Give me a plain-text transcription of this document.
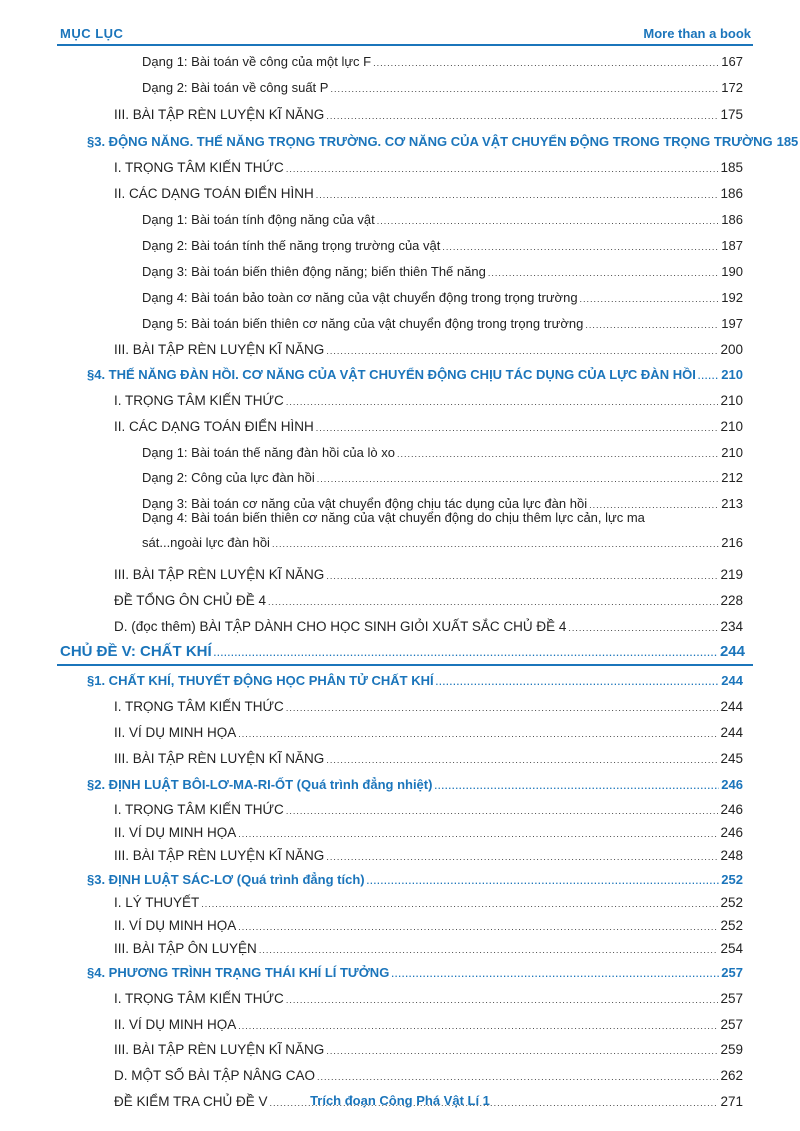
MỤC LỤC	More than a book
Dạng 1: Bài toán về công của một lực F .....	167
Dạng 2: Bài toán về công suất P .....	172
III. BÀI TẬP RÈN LUYỆN KĨ NĂNG .....	175
§3. ĐỘNG NĂNG. THẾ NĂNG TRỌNG TRƯỜNG. CƠ NĂNG CỦA VẬT CHUYỂN ĐỘNG TRONG TRỌNG TRƯỜNG 185
I. TRỌNG TÂM KIẾN THỨC .....	185
II. CÁC DẠNG TOÁN ĐIỂN HÌNH .....	186
Dạng 1: Bài toán tính động năng của vật .....	186
Dạng 2: Bài toán tính thế năng trọng trường của vật .....	187
Dạng 3: Bài toán biến thiên động năng; biến thiên Thế năng .....	190
Dạng 4: Bài toán bảo toàn cơ năng của vật chuyển động trong trọng trường .....	192
Dạng 5: Bài toán biến thiên cơ năng của vật chuyển động trong trọng trường .....	197
III. BÀI TẬP RÈN LUYỆN KĨ NĂNG .....	200
§4. THẾ NĂNG ĐÀN HỒI. CƠ NĂNG CỦA VẬT CHUYỂN ĐỘNG CHỊU TÁC DỤNG CỦA LỰC ĐÀN HỒI ..... 210
I. TRỌNG TÂM KIẾN THỨC .....	210
II. CÁC DẠNG TOÁN ĐIỂN HÌNH .....	210
Dạng 1: Bài toán thế năng đàn hồi của lò xo .....	210
Dạng 2: Công của lực đàn hồi .....	212
Dạng 3: Bài toán cơ năng của vật chuyển động chịu tác dụng của lực đàn hồi .....	213
Dạng 4: Bài toán biến thiên cơ năng của vật chuyển động do chịu thêm lực cản, lực ma
sát...ngoài lực đàn hồi .....	216
III. BÀI TẬP RÈN LUYỆN KĨ NĂNG .....	219
ĐỀ TỔNG ÔN CHỦ ĐỀ 4 .....	228
D. (đọc thêm) BÀI TẬP DÀNH CHO HỌC SINH GIỎI XUẤT SẮC CHỦ ĐỀ 4 .....	234
CHỦ ĐỀ V: CHẤT KHÍ .....	244
§1. CHẤT KHÍ, THUYẾT ĐỘNG HỌC PHÂN TỬ CHẤT KHÍ .....	244
I. TRỌNG TÂM KIẾN THỨC .....	244
II. VÍ DỤ MINH HỌA .....	244
III. BÀI TẬP RÈN LUYỆN KĨ NĂNG .....	245
§2. ĐỊNH LUẬT BÔI-LƠ-MA-RI-ỐT (Quá trình đẳng nhiệt) .....	246
I. TRỌNG TÂM KIẾN THỨC .....	246
II. VÍ DỤ MINH HỌA .....	246
III. BÀI TẬP RÈN LUYỆN KĨ NĂNG .....	248
§3. ĐỊNH LUẬT SÁC-LƠ (Quá trình đẳng tích) .....	252
I. LÝ THUYẾT .....	252
II. VÍ DỤ MINH HỌA .....	252
III. BÀI TẬP ÔN LUYỆN .....	254
§4. PHƯƠNG TRÌNH TRẠNG THÁI KHÍ LÍ TƯỞNG .....	257
I. TRỌNG TÂM KIẾN THỨC .....	257
II. VÍ DỤ MINH HỌA .....	257
III. BÀI TẬP RÈN LUYỆN KĨ NĂNG .....	259
D. MỘT SỐ BÀI TẬP NÂNG CAO .....	262
ĐỀ KIỂM TRA CHỦ ĐỀ V .....	271
Trích đoạn Công Phá Vật Lí 1
